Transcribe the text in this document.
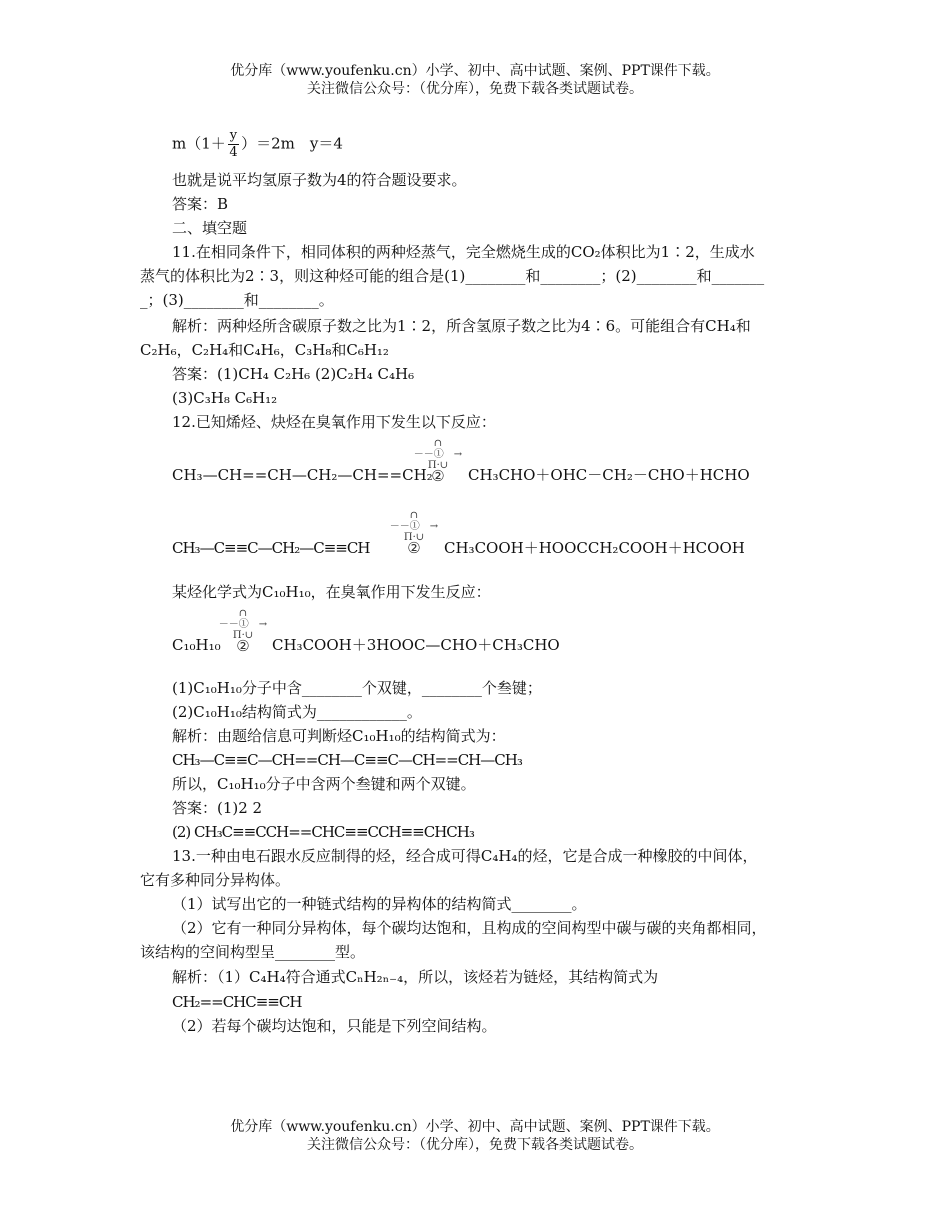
优分库（www.youfenku.cn）小学、初中、高中试题、案例、PPT课件下载。
关注微信公众号：（优分库），免费下载各类试题试卷。
$m(1+ \frac{y}{4} )=2m$　y＝4
也就是说平均氢原子数为4的符合题设要求。
答案：B
二、填空题
11.在相同条件下，相同体积的两种烃蒸气，完全燃烧生成的CO₂体积比为1∶2，生成水
蒸气的体积比为2∶3，则这种烃可能的组合是(1)________和________；(2)________和_______
_；(3)________和________。
解析：两种烃所含碳原子数之比为1∶2，所含氢原子数之比为4∶6。可能组合有CH₄和
C₂H₆，C₂H₄和C₄H₆，C₃H₈和C₆H₁₂
答案：(1)CH₄ C₂H₆ (2)C₂H₄ C₄H₆
(3)C₃H₈ C₆H₁₂
12.已知烯烃、炔烃在臭氧作用下发生以下反应：
∩
－－①　→
Π·∪
②
CH₃—CH==CH—CH₂—CH==CH₂ CH₃CHO＋OHC－CH₂－CHO＋HCHO
∩
－－①　→
Π·∪
②
CH₃—C≡≡C—CH₂—C≡≡CH	CH₃COOH＋HOOCCH₂COOH＋HCOOH
某烃化学式为C₁₀H₁₀，在臭氧作用下发生反应：
∩
－－①　→
Π·∪
②
C₁₀H₁₀	CH₃COOH＋3HOOC—CHO＋CH₃CHO
(1)C₁₀H₁₀分子中含________个双键，________个叁键；
(2)C₁₀H₁₀结构简式为____________。
解析：由题给信息可判断烃C₁₀H₁₀的结构简式为：
CH₃—C≡≡C—CH==CH—C≡≡C—CH==CH—CH₃
所以，C₁₀H₁₀分子中含两个叁键和两个双键。
答案：(1)2 2
(2) CH₃C≡≡CCH==CHC≡≡CCH≡≡CHCH₃
13.一种由电石跟水反应制得的烃，经合成可得C₄H₄的烃，它是合成一种橡胶的中间体，
它有多种同分异构体。
（1）试写出它的一种链式结构的异构体的结构简式________。
（2）它有一种同分异构体，每个碳均达饱和，且构成的空间构型中碳与碳的夹角都相同，
该结构的空间构型呈________型。
解析：（1）C₄H₄符合通式CₙH₂ₙ₋₄，所以，该烃若为链烃，其结构简式为
CH₂==CHC≡≡CH
（2）若每个碳均达饱和，只能是下列空间结构。
优分库（www.youfenku.cn）小学、初中、高中试题、案例、PPT课件下载。
关注微信公众号：（优分库），免费下载各类试题试卷。
